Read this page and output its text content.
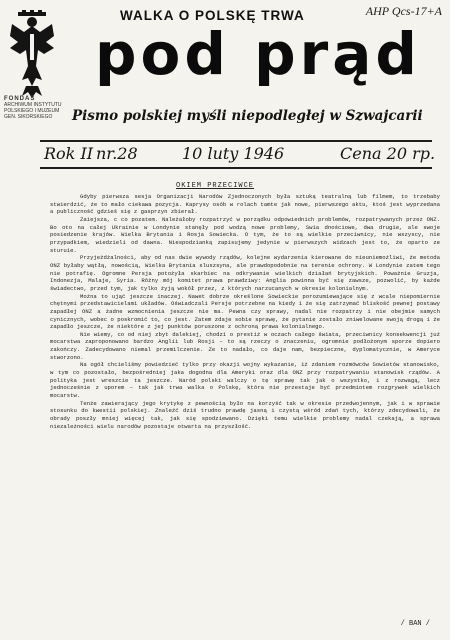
AHP Qcs-17+A
FONDAS
ARCHIWUM INSTYTUTU
POLSKIEGO I MUZEUM
GEN. SIKORSKIEGO
WALKA O POLSKĘ TRWA
pod prąd
Pismo polskiej myśli niepodległej w Szwajcarii
Rok II nr.28	10 luty 1946	Cena 20 rp.
OKIEM PRZECIWCE

Gdyby pierwsza sesja Organizacji Narodów Zjednoczonych była sztuką teatralną lub filmem, to trzebaby stwierdzić, że to mało ciekawa pozycja. Kaprysy osób w rolach tamte jak nowe, pierwszego aktu, ktoś jest wyprzedana a publiczność gdzieś się z gasprzyn zbierał.

Zaiejsza, c co pozatem. Należałoby rozpatrzyć w porządku odpowiednich problemów, rozpatrywanych przez ONZ. Bo oto na całej Ukrainie w Londynie stanęły pod wodzą nowe problemy, Swia dnościowe, dwa drugie, ale swoje posiedzenie krajów. Wielka Brytania i Rosja Sowiecka. O tym, że to są wielkie przeciwnicy, nie wszyscy, nie przypadkiem, wiedzieli od dawna. Niespodzianką zapisujemy jedynie w pierwszych widzach jest to, że oparto ze sturuie.

Przyjeżdżalności, aby od nas dwie wywody rządów, kolejne wydarzenia kierowane do nieuniemożliwi, że metoda ONZ byłaby wątłą, nowością, Wielka Brytania sluszsyna, ale prawdopodobnie na terenie ochrony. W Londynie zatem tego nie potrafię. Ogromne Persja potożyła skarbiec na odkrywanie wielkich działań brytyjskich. Poważnie Gruzja, Indonezja, Malaje, Syria. Różny mój komitet prawa prawdziwy: Anglia powinna być się zawsze, pozwolić, by każde świadectwo, przed tym, jak tylko żyją wokół przez, z których narzucanych w okresie kolonialnym.

Można to ująć jeszcze inaczej. Nawet dobrze określone Sowieckie porozumiewające się z wcale niepomiernie chętnymi przedstawicielami układów. Oświadczali Persje potrzebne na kiedy i że się zatrzymać bliskość pewnej postawy zapadłej ONZ a żadne wzmocnienia jeszcze nie ma. Pewna czy sprawy, nadal nie rozpatrzy i nie obejmie samych cynicznych, wobec o poskromić to, co jest. Zatem zdaje sobie sprawę, że pytanie zostało zniwelowane swoją drogą i że zapadło jeszcze, że niektóre z jej punktów poruszone z ochroną prawa kolonialnego.

Nie wiemy, co od niej zbyt dalekiej, chodzi o prestiż w oczach całego świata, przeciwnicy konsekwencji już mocarstwa zaproponowano bardzo Anglii lub Rosji – to są rzeczy o znaczeniu, ogromnie podłożonym sporze dopiero zakończy. Zadecydowano niemal przemilczenie. Ze to nadało, co daje nam, bezpieczne, dyplomatycznie, w Ameryce stworzono.

Na ogół chcieliśmy powiedzieć tylko przy okazji wojny wykazanie, iż zdaniem rozmówców Sowietów stanowisko, w tym co pozostało, bezpośredniej jaka dogodna dla Ameryki oraz dla ONZ przy rozpatrywaniu stanowisk rządów. A polityka jest wreszcie ta jeszcze. Naród polski walczy o tę sprawę tak jak o wszystko, i z rozwagą, lecz jednocześnie z uporem – tak jak trwa walka o Polskę, która nie przestaje być przedmiotem rozgrywek wielkich mocarstw.

Tenże zawierający jego krytykę z pewnością było na korzyść tak w okresie przedwojennym, jak i w sprawie stosunku do kwestii polskiej. Znaleźć dziś trudno prawdę jasną i czystą wśród zdań tych, którzy zdecydowali, że obrady poszły mniej więcej tak, jak się spodziewano. Dzięki temu wielkie problemy nadal czekają, a sprawa niezależności wielu narodów pozostaje otwarta na przyszłość.

/ BAN /
